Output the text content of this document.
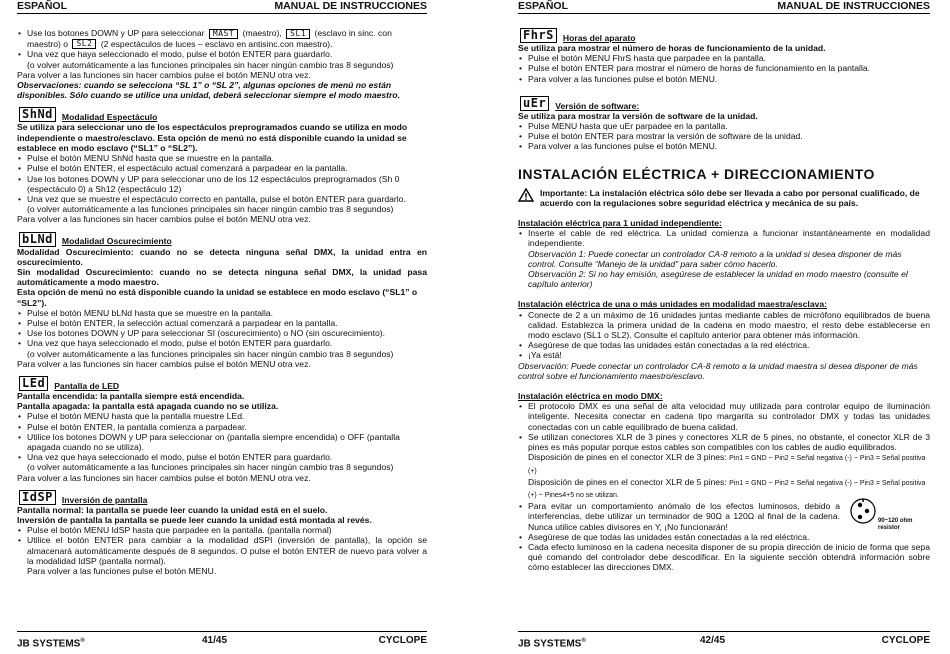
ESPAÑOL	MANUAL DE INSTRUCCIONES
• Use los botones DOWN y UP para seleccionar MAST (maestro), SL1 (esclavo in sinc. con maestro) o SL2 (2 espectáculos de luces – esclavo en antisinc.con maestro).
• Una vez que haya seleccionado el modo, pulse el botón ENTER para guardarlo.
(o volver automáticamente a las funciones principales sin hacer ningún cambio tras 8 segundos)

Para volver a las funciones sin hacer cambios pulse el botón MENU otra vez.

Observaciones: cuando se selecciona “SL 1” o “SL 2”, algunas opciones de menú no están disponibles. Sólo cuando se utilice una unidad, deberá seleccionar siempre el modo maestro.

ShNd	Modalidad Espectáculo

Se utiliza para seleccionar uno de los espectáculos preprogramados cuando se utiliza en modo independiente o maestro/esclavo. Esta opción de menú no está disponible cuando la unidad se establece en modo esclavo (“SL1” o “SL2”).

• Pulse el botón MENU ShNd hasta que se muestre en la pantalla.
• Pulse el botón ENTER, el espectáculo actual comenzará a parpadear en la pantalla.
• Use los botones DOWN y UP para seleccionar uno de los 12 espectáculos preprogramados (Sh 0 (espectáculo 0) a Sh12 (espectáculo 12)
• Una vez que se muestre el espectáculo correcto en pantalla, pulse el botón ENTER para guardarlo.

(o volver automáticamente a las funciones principales sin hacer ningún cambio tras 8 segundos)

Para volver a las funciones sin hacer cambios pulse el botón MENU otra vez.

bLNd	Modalidad Oscurecimiento

Modalidad Oscurecimiento: cuando no se detecta ninguna señal DMX, la unidad entra en oscurecimiento.

Sin modalidad Oscurecimiento: cuando no se detecta ninguna señal DMX, la unidad pasa automáticamente a modo maestro.

Esta opción de menú no está disponible cuando la unidad se establece en modo esclavo (“SL1” o “SL2”).

• Pulse el botón MENU bLNd hasta que se muestre en la pantalla.
• Pulse el botón ENTER, la selección actual comenzará a parpadear en la pantalla.
• Use los botones DOWN y UP para seleccionar SI (oscurecimiento) o NO (sin oscurecimiento).
• Una vez que haya seleccionado el modo, pulse el botón ENTER para guardarlo.

(o volver automáticamente a las funciones principales sin hacer ningún cambio tras 8 segundos)

Para volver a las funciones sin hacer cambios pulse el botón MENU otra vez.

LEd	Pantalla de LED

Pantalla encendida: la pantalla siempre está encendida.

Pantalla apagada: la pantalla está apagada cuando no se utiliza.

• Pulse el botón MENU hasta que la pantalla muestre LEd.
• Pulse el botón ENTER, la pantalla comienza a parpadear.
• Utilice los botones DOWN y UP para seleccionar on (pantalla siempre encendida) o OFF (pantalla apagada cuando no se utiliza).
• Una vez que haya seleccionado el modo, pulse el botón ENTER para guardarlo.

(o volver automáticamente a las funciones principales sin hacer ningún cambio tras 8 segundos)

Para volver a las funciones sin hacer cambios pulse el botón MENU otra vez.

IdSP	Inversión de pantalla

Pantalla normal: la pantalla se puede leer cuando la unidad está en el suelo.

Inversión de pantalla la pantalla se puede leer cuando la unidad está montada al revés.

• Pulse el botón MENU IdSP hasta que parpadee en la pantalla. (pantalla normal)
• Utilice el botón ENTER para cambiar a la modalidad dSPI (inversión de pantalla), la opción se almacenará automáticamente después de 8 segundos. O pulse el botón ENTER de nuevo para volver a la modalidad IdSP (pantalla normal).

Para volver a las funciones pulse el botón MENU.

JB SYSTEMS®	41/45	CYCLOPE
ESPAÑOL	MANUAL DE INSTRUCCIONES
FhrS	Horas del aparato

Se utiliza para mostrar el número de horas de funcionamiento de la unidad.

• Pulse el botón MENU FhrS hasta que parpadee en la pantalla.
• Pulse el botón ENTER para mostrar el número de horas de funcionamiento en la pantalla.
• Para volver a las funciones pulse el botón MENU.
uEr	Versión de software:

Se utiliza para mostrar la versión de software de la unidad.

• Pulse MENU hasta que uEr parpadee en la pantalla.
• Pulse el botón ENTER para mostrar la versión de software de la unidad.
• Para volver a las funciones pulse el botón MENU.
INSTALACIÓN ELÉCTRICA + DIRECCIONAMIENTO

Importante: La instalación eléctrica sólo debe ser llevada a cabo por personal cualificado, de acuerdo con la regulaciones sobre seguridad eléctrica y mecánica de su país.

Instalación eléctrica para 1 unidad independiente:

• Inserte el cable de red eléctrica. La unidad comienza a funcionar instantáneamente en modalidad independiente.

Observación 1: Puede conectar un controlador CA-8 remoto a la unidad si desea disponer de más control. Consulte “Manejo de la unidad” para saber cómo hacerlo.

Observación 2: Si no hay emisión, asegúrese de establecer la unidad en modo maestro (consulte el capítulo anterior)

Instalación eléctrica de una o más unidades en modalidad maestra/esclava:

• Conecte de 2 a un máximo de 16 unidades juntas mediante cables de micrófono equilibrados de buena calidad. Establezca la primera unidad de la cadena en modo maestro, el resto debe establecerse en modo esclavo (SL1 o SL2). Consulte el capítulo anterior para obtener más información.
• Asegúrese de que todas las unidades están conectadas a la red eléctrica.
• ¡Ya está!

Observación: Puede conectar un controlador CA-8 remoto a la unidad maestra si desea disponer de más control sobre el funcionamiento maestro/esclavo.

Instalación eléctrica en modo DMX:

• El protocolo DMX es una señal de alta velocidad muy utilizada para controlar equipo de iluminación inteligente. Necesita conectar en cadena tipo margarita su controlador DMX y todas las unidades conectadas con un cable equilibrado de buena calidad.
• Se utilizan conectores XLR de 3 pines y conectores XLR de 5 pines, no obstante, el conector XLR de 3 pines es más popular porque estos cables son compatibles con los cables de audio equilibrados.

Disposición de pines en el conector XLR de 3 pines: Pin1 = GND ~ Pin2 = Señal negativa (-) ~ Pin3 = Señal positiva (+)

Disposición de pines en el conector XLR de 5 pines: Pin1 = GND ~ Pin2 = Señal negativa (-) ~ Pin3 = Señal positiva (+) ~ Pines4+5 no se utilizan.

• Para evitar un comportamiento anómalo de los efectos luminosos, debido a interferencias, debe utilizar un terminador de 90Ω a 120Ω al final de la cadena. Nunca utilice cables divisores en Y, ¡No funcionarán!
• Asegúrese de que todas las unidades están conectadas a la red eléctrica.
• Cada efecto luminoso en la cadena necesita disponer de su propia dirección de inicio de forma que sepa qué comando del controlador debe descodificar. En la siguiente sección obtendrá información sobre cómo establecer las direcciones DMX.
90~120 ohm resistor
JB SYSTEMS®	42/45	CYCLOPE
